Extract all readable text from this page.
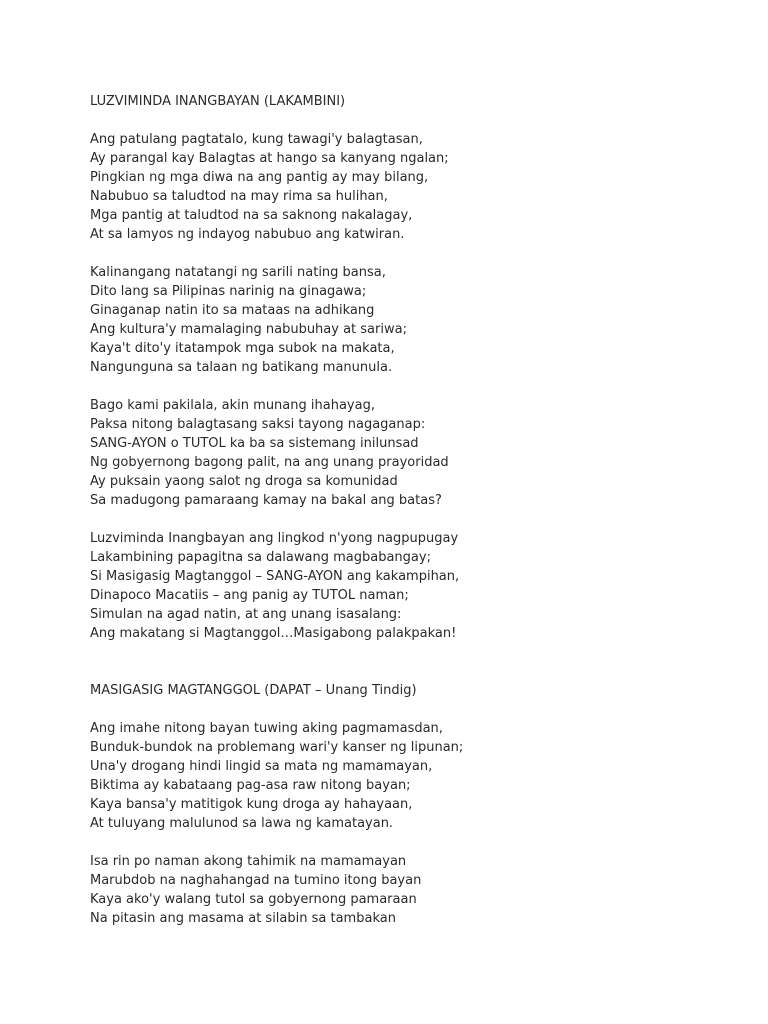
LUZVIMINDA INANGBAYAN (LAKAMBINI)
Ang patulang pagtatalo, kung tawagi'y balagtasan,
Ay parangal kay Balagtas at hango sa kanyang ngalan;
Pingkian ng mga diwa na ang pantig ay may bilang,
Nabubuo sa taludtod na may rima sa hulihan,
Mga pantig at taludtod na sa saknong nakalagay,
At sa lamyos ng indayog nabubuo ang katwiran.
Kalinangang natatangi ng sarili nating bansa,
Dito lang sa Pilipinas narinig na ginagawa;
Ginaganap natin ito sa mataas na adhikang
Ang kultura'y mamalaging nabubuhay at sariwa;
Kaya't dito'y itatampok mga subok na makata,
Nangunguna sa talaan ng batikang manunula.
Bago kami pakilala, akin munang ihahayag,
Paksa nitong balagtasang saksi tayong nagaganap:
SANG-AYON o TUTOL ka ba sa sistemang inilunsad
Ng gobyernong bagong palit, na ang unang prayoridad
Ay puksain yaong salot ng droga sa komunidad
Sa madugong pamaraang kamay na bakal ang batas?
Luzviminda Inangbayan ang lingkod n'yong nagpupugay
Lakambining papagitna sa dalawang magbabangay;
Si Masigasig Magtanggol – SANG-AYON ang kakampihan,
Dinapoco Macatiis – ang panig ay TUTOL naman;
Simulan na agad natin, at ang unang isasalang:
Ang makatang si Magtanggol…Masigabong palakpakan!
MASIGASIG MAGTANGGOL (DAPAT – Unang Tindig)
Ang imahe nitong bayan tuwing aking pagmamasdan,
Bunduk-bundok na problemang wari'y kanser ng lipunan;
Una'y drogang hindi lingid sa mata ng mamamayan,
Biktima ay kabataang pag-asa raw nitong bayan;
Kaya bansa'y matitigok kung droga ay hahayaan,
At tuluyang malulunod sa lawa ng kamatayan.
Isa rin po naman akong tahimik na mamamayan
Marubdob na naghahangad na tumino itong bayan
Kaya ako'y walang tutol sa gobyernong pamaraan
Na pitasin ang masama at silabin sa tambakan
